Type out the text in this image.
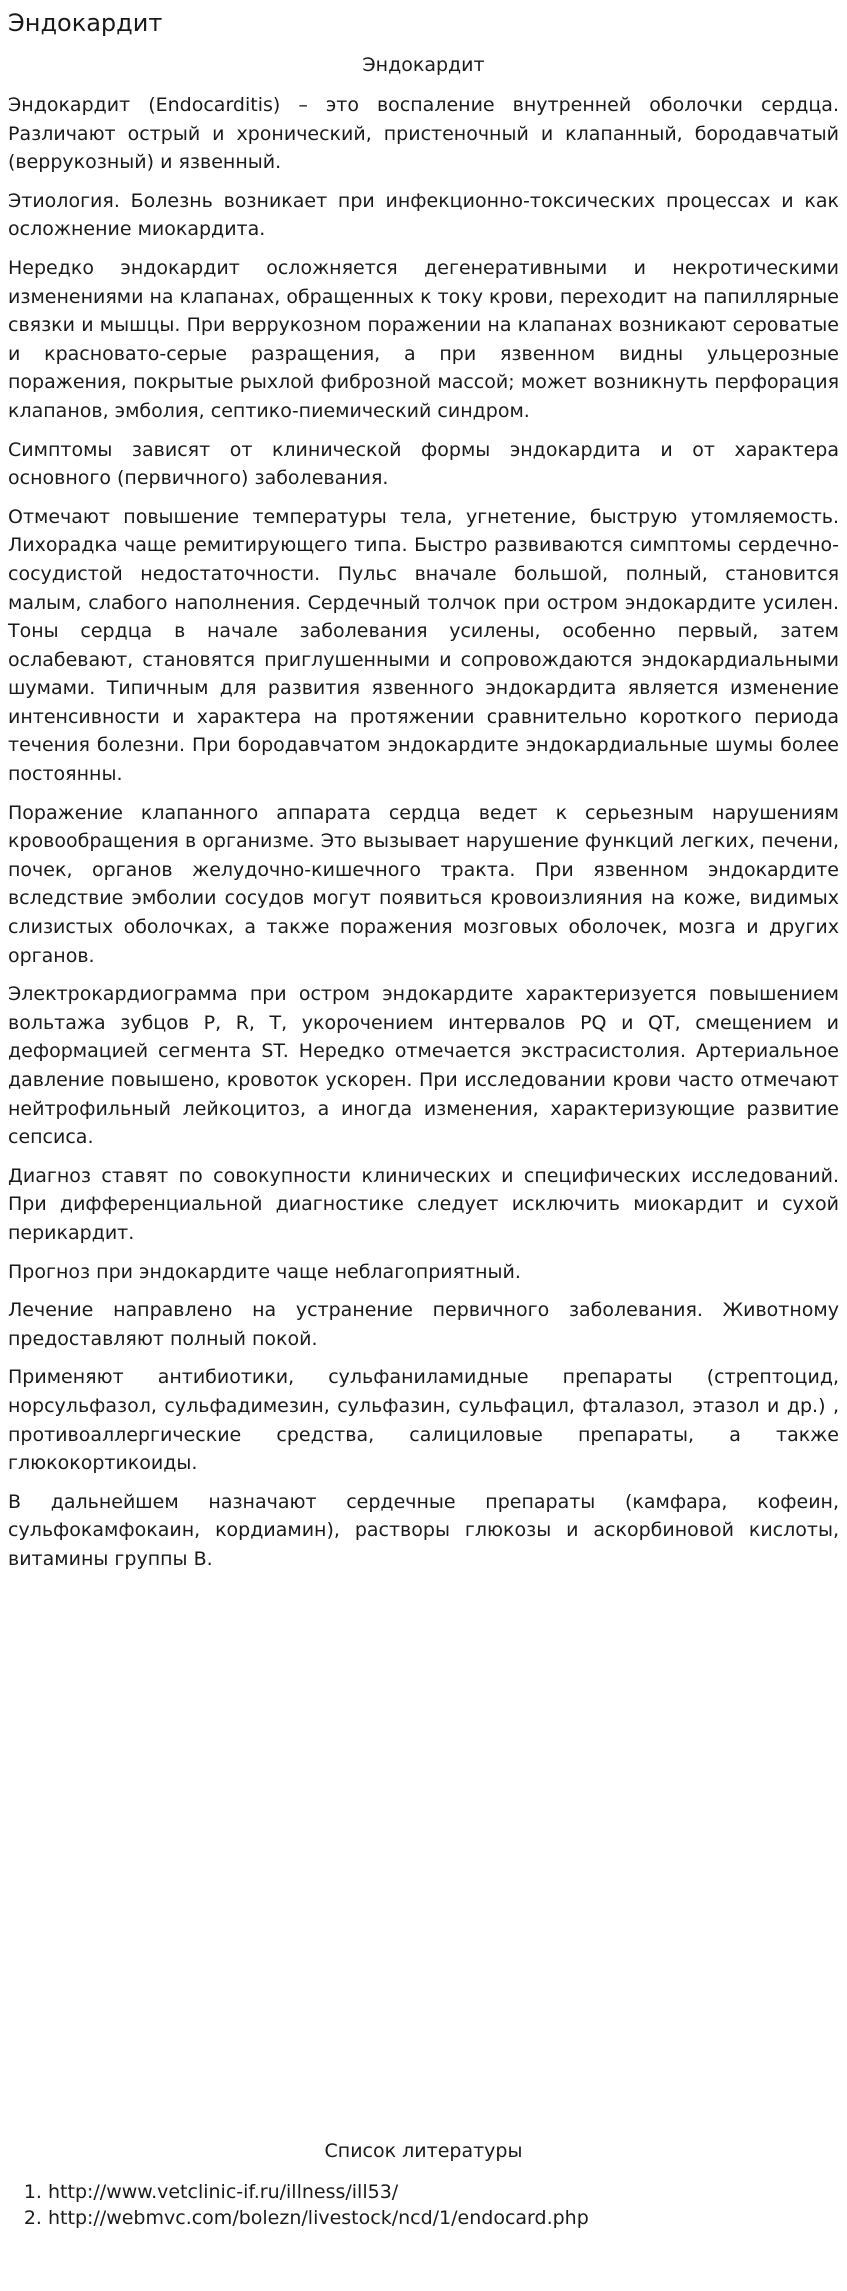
Эндокардит
Эндокардит

Эндокардит (Endocarditis) – это воспаление внутренней оболочки сердца. Различают острый и хронический, пристеночный и клапанный, бородавчатый (веррукозный) и язвенный.

Этиология. Болезнь возникает при инфекционно-токсических процессах и как осложнение миокардита.

Нередко эндокардит осложняется дегенеративными и некротическими изменениями на клапанах, обращенных к току крови, переходит на папиллярные связки и мышцы. При веррукозном поражении на клапанах возникают сероватые и красновато-серые разращения, а при язвенном видны ульцерозные поражения, покрытые рыхлой фиброзной массой; может возникнуть перфорация клапанов, эмболия, септико-пиемический синдром.

Симптомы зависят от клинической формы эндокардита и от характера основного (первичного) заболевания.

Отмечают повышение температуры тела, угнетение, быструю утомляемость. Лихорадка чаще ремитирующего типа. Быстро развиваются симптомы сердечно-сосудистой недостаточности. Пульс вначале большой, полный, становится малым, слабого наполнения. Сердечный толчок при остром эндокардите усилен. Тоны сердца в начале заболевания усилены, особенно первый, затем ослабевают, становятся приглушенными и сопровождаются эндокардиальными шумами. Типичным для развития язвенного эндокардита является изменение интенсивности и характера на протяжении сравнительно короткого периода течения болезни. При бородавчатом эндокардите эндокардиальные шумы более постоянны.

Поражение клапанного аппарата сердца ведет к серьезным нарушениям кровообращения в организме. Это вызывает нарушение функций легких, печени, почек, органов желудочно-кишечного тракта. При язвенном эндокардите вследствие эмболии сосудов могут появиться кровоизлияния на коже, видимых слизистых оболочках, а также поражения мозговых оболочек, мозга и других органов.

Электрокардиограмма при остром эндокардите характеризуется повышением вольтажа зубцов P, R, T, укорочением интервалов PQ и QT, смещением и деформацией сегмента ST. Нередко отмечается экстрасистолия. Артериальное давление повышено, кровоток ускорен. При исследовании крови часто отмечают нейтрофильный лейкоцитоз, а иногда изменения, характеризующие развитие сепсиса.

Диагноз ставят по совокупности клинических и специфических исследований. При дифференциальной диагностике следует исключить миокардит и сухой перикардит.

Прогноз при эндокардите чаще неблагоприятный.

Лечение направлено на устранение первичного заболевания. Животному предоставляют полный покой.

Применяют антибиотики, сульфаниламидные препараты (стрептоцид, норсульфазол, сульфадимезин, сульфазин, сульфацил, фталазол, этазол и др.) , противоаллергические средства, салициловые препараты, а также глюкокортикоиды.

В дальнейшем назначают сердечные препараты (камфара, кофеин, сульфокамфокаин, кордиамин), растворы глюкозы и аскорбиновой кислоты, витамины группы В.

Список литературы
1. http://www.vetclinic-if.ru/illness/ill53/
2. http://webmvc.com/bolezn/livestock/ncd/1/endocard.php
